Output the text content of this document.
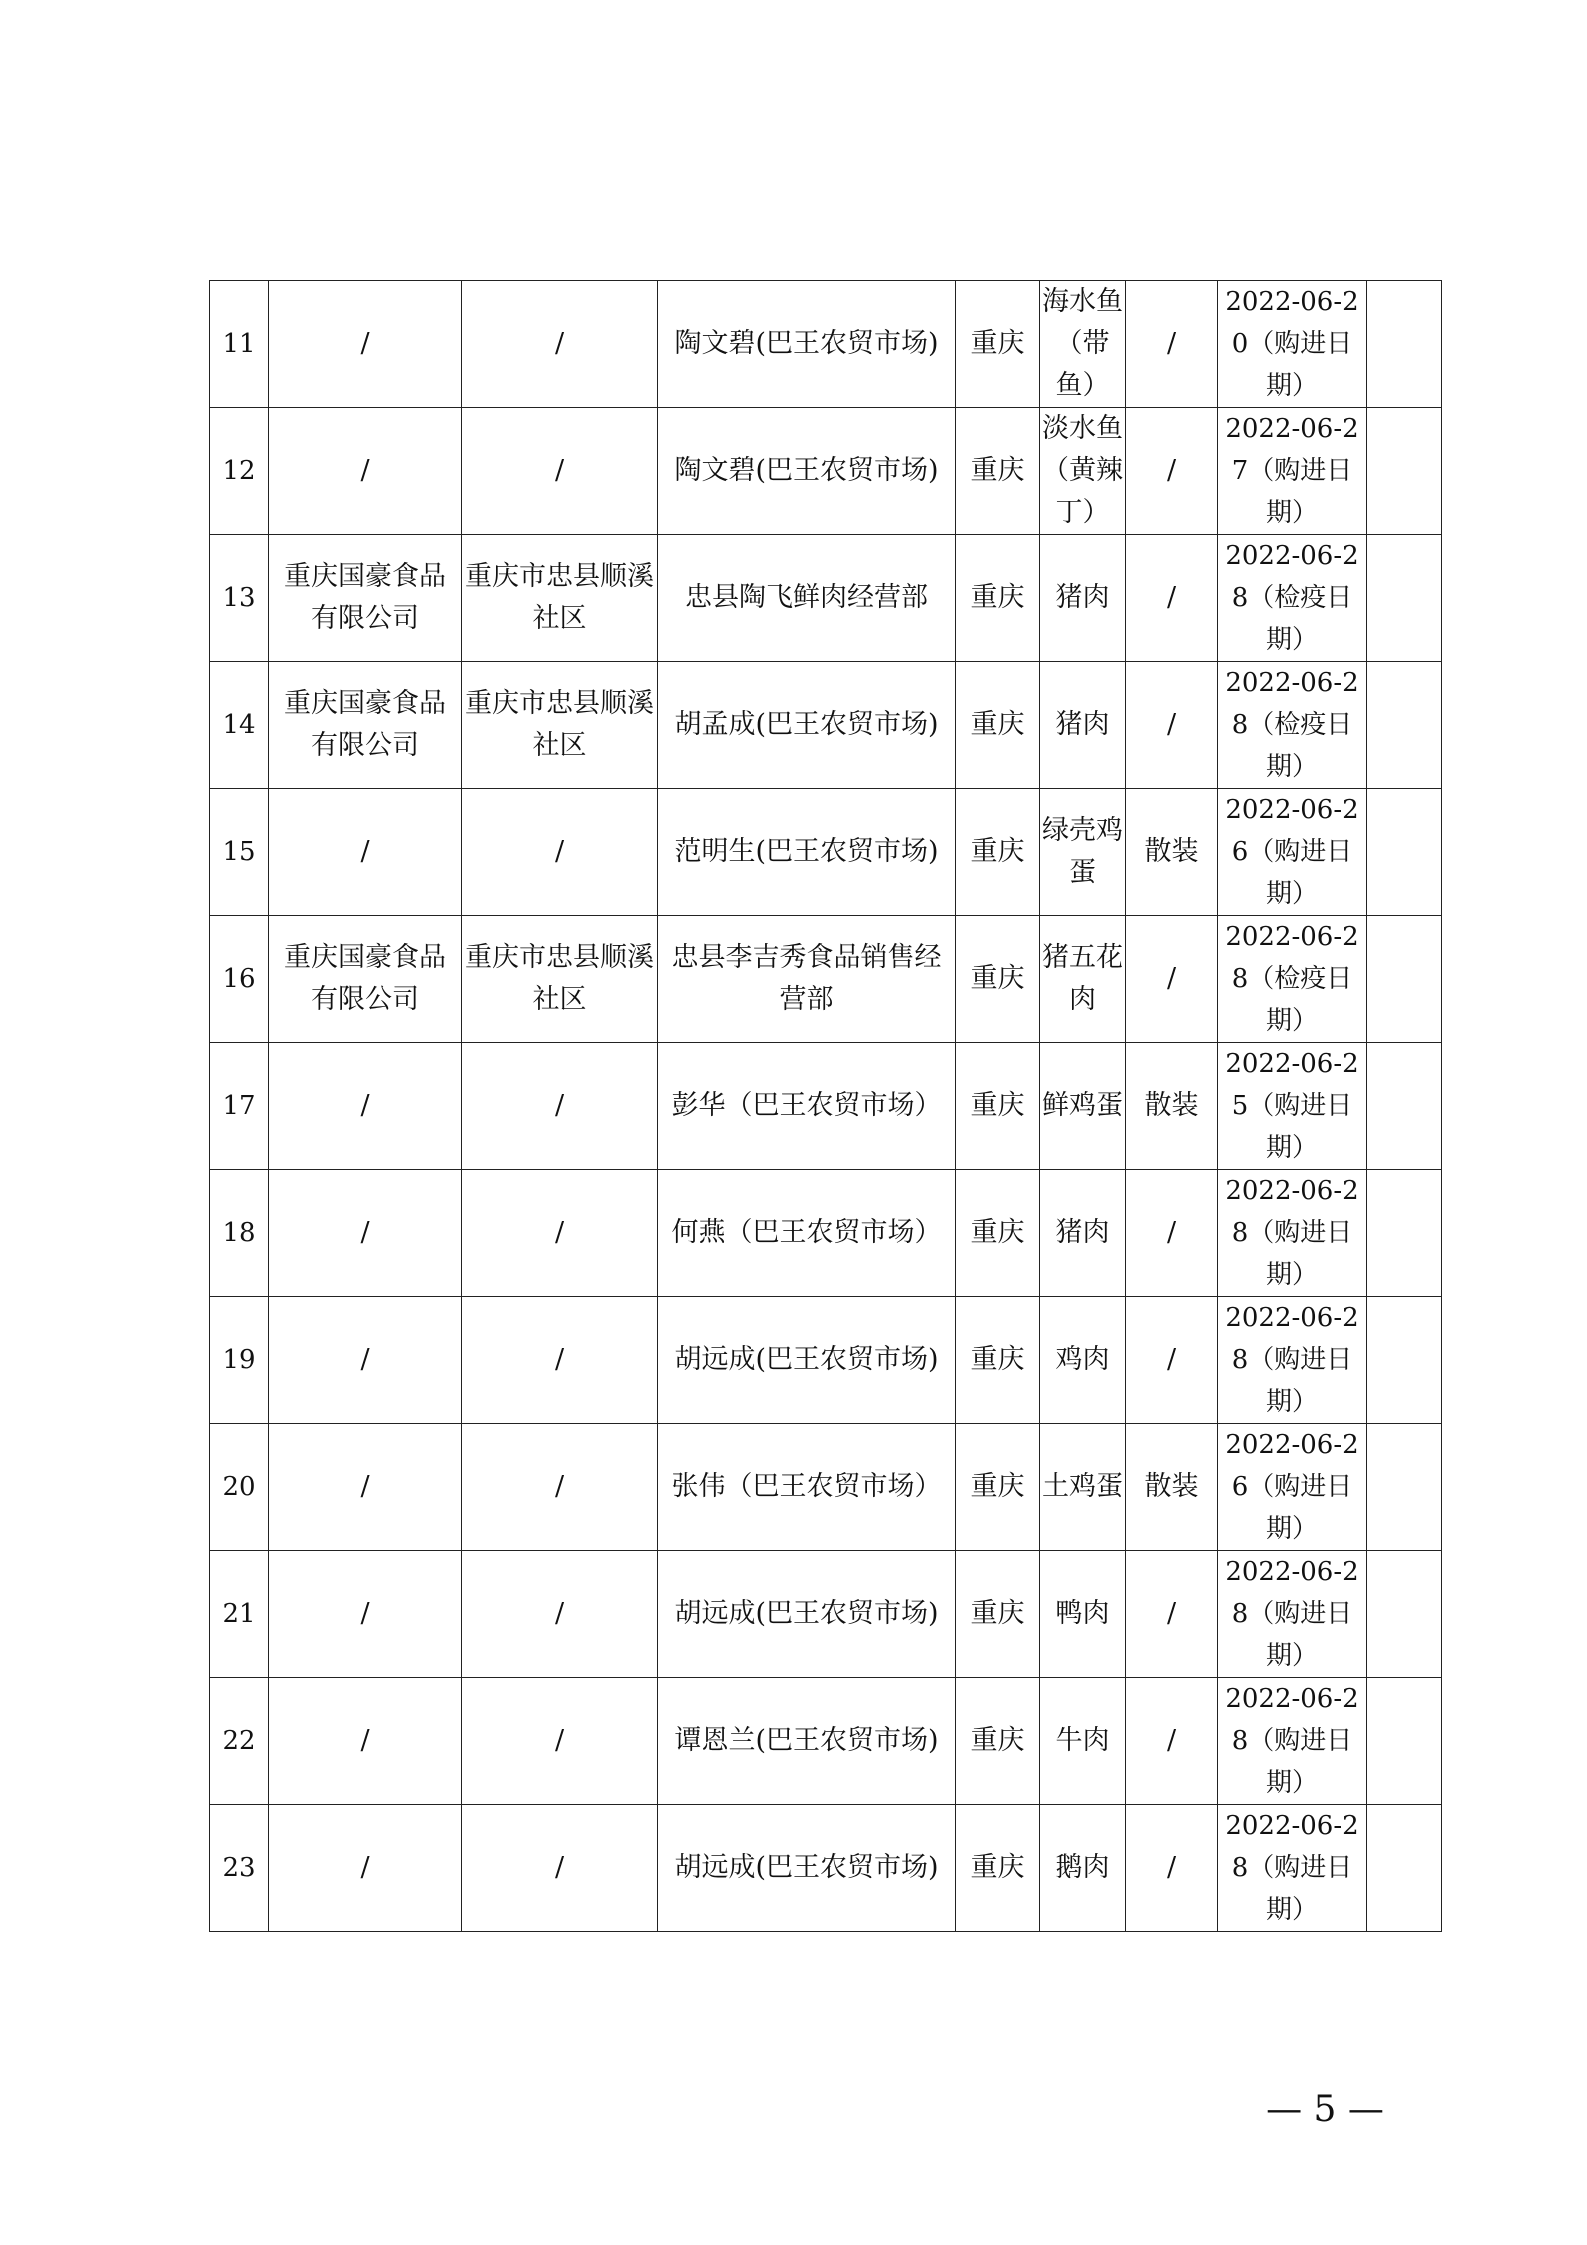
11	/	/	陶文碧(巴王农贸市场)	重庆	海水鱼（带鱼）	/	2022-06-20（购进日期）	
12	/	/	陶文碧(巴王农贸市场)	重庆	淡水鱼（黄辣丁）	/	2022-06-27（购进日期）	
13	重庆国豪食品有限公司	重庆市忠县顺溪社区	忠县陶飞鲜肉经营部	重庆	猪肉	/	2022-06-28（检疫日期）	
14	重庆国豪食品有限公司	重庆市忠县顺溪社区	胡孟成(巴王农贸市场)	重庆	猪肉	/	2022-06-28（检疫日期）	
15	/	/	范明生(巴王农贸市场)	重庆	绿壳鸡蛋	散装	2022-06-26（购进日期）	
16	重庆国豪食品有限公司	重庆市忠县顺溪社区	忠县李吉秀食品销售经营部	重庆	猪五花肉	/	2022-06-28（检疫日期）	
17	/	/	彭华（巴王农贸市场）	重庆	鲜鸡蛋	散装	2022-06-25（购进日期）	
18	/	/	何燕（巴王农贸市场）	重庆	猪肉	/	2022-06-28（购进日期）	
19	/	/	胡远成(巴王农贸市场)	重庆	鸡肉	/	2022-06-28（购进日期）	
20	/	/	张伟（巴王农贸市场）	重庆	土鸡蛋	散装	2022-06-26（购进日期）	
21	/	/	胡远成(巴王农贸市场)	重庆	鸭肉	/	2022-06-28（购进日期）	
22	/	/	谭恩兰(巴王农贸市场)	重庆	牛肉	/	2022-06-28（购进日期）	
23	/	/	胡远成(巴王农贸市场)	重庆	鹅肉	/	2022-06-28（购进日期）	
— 5 —
